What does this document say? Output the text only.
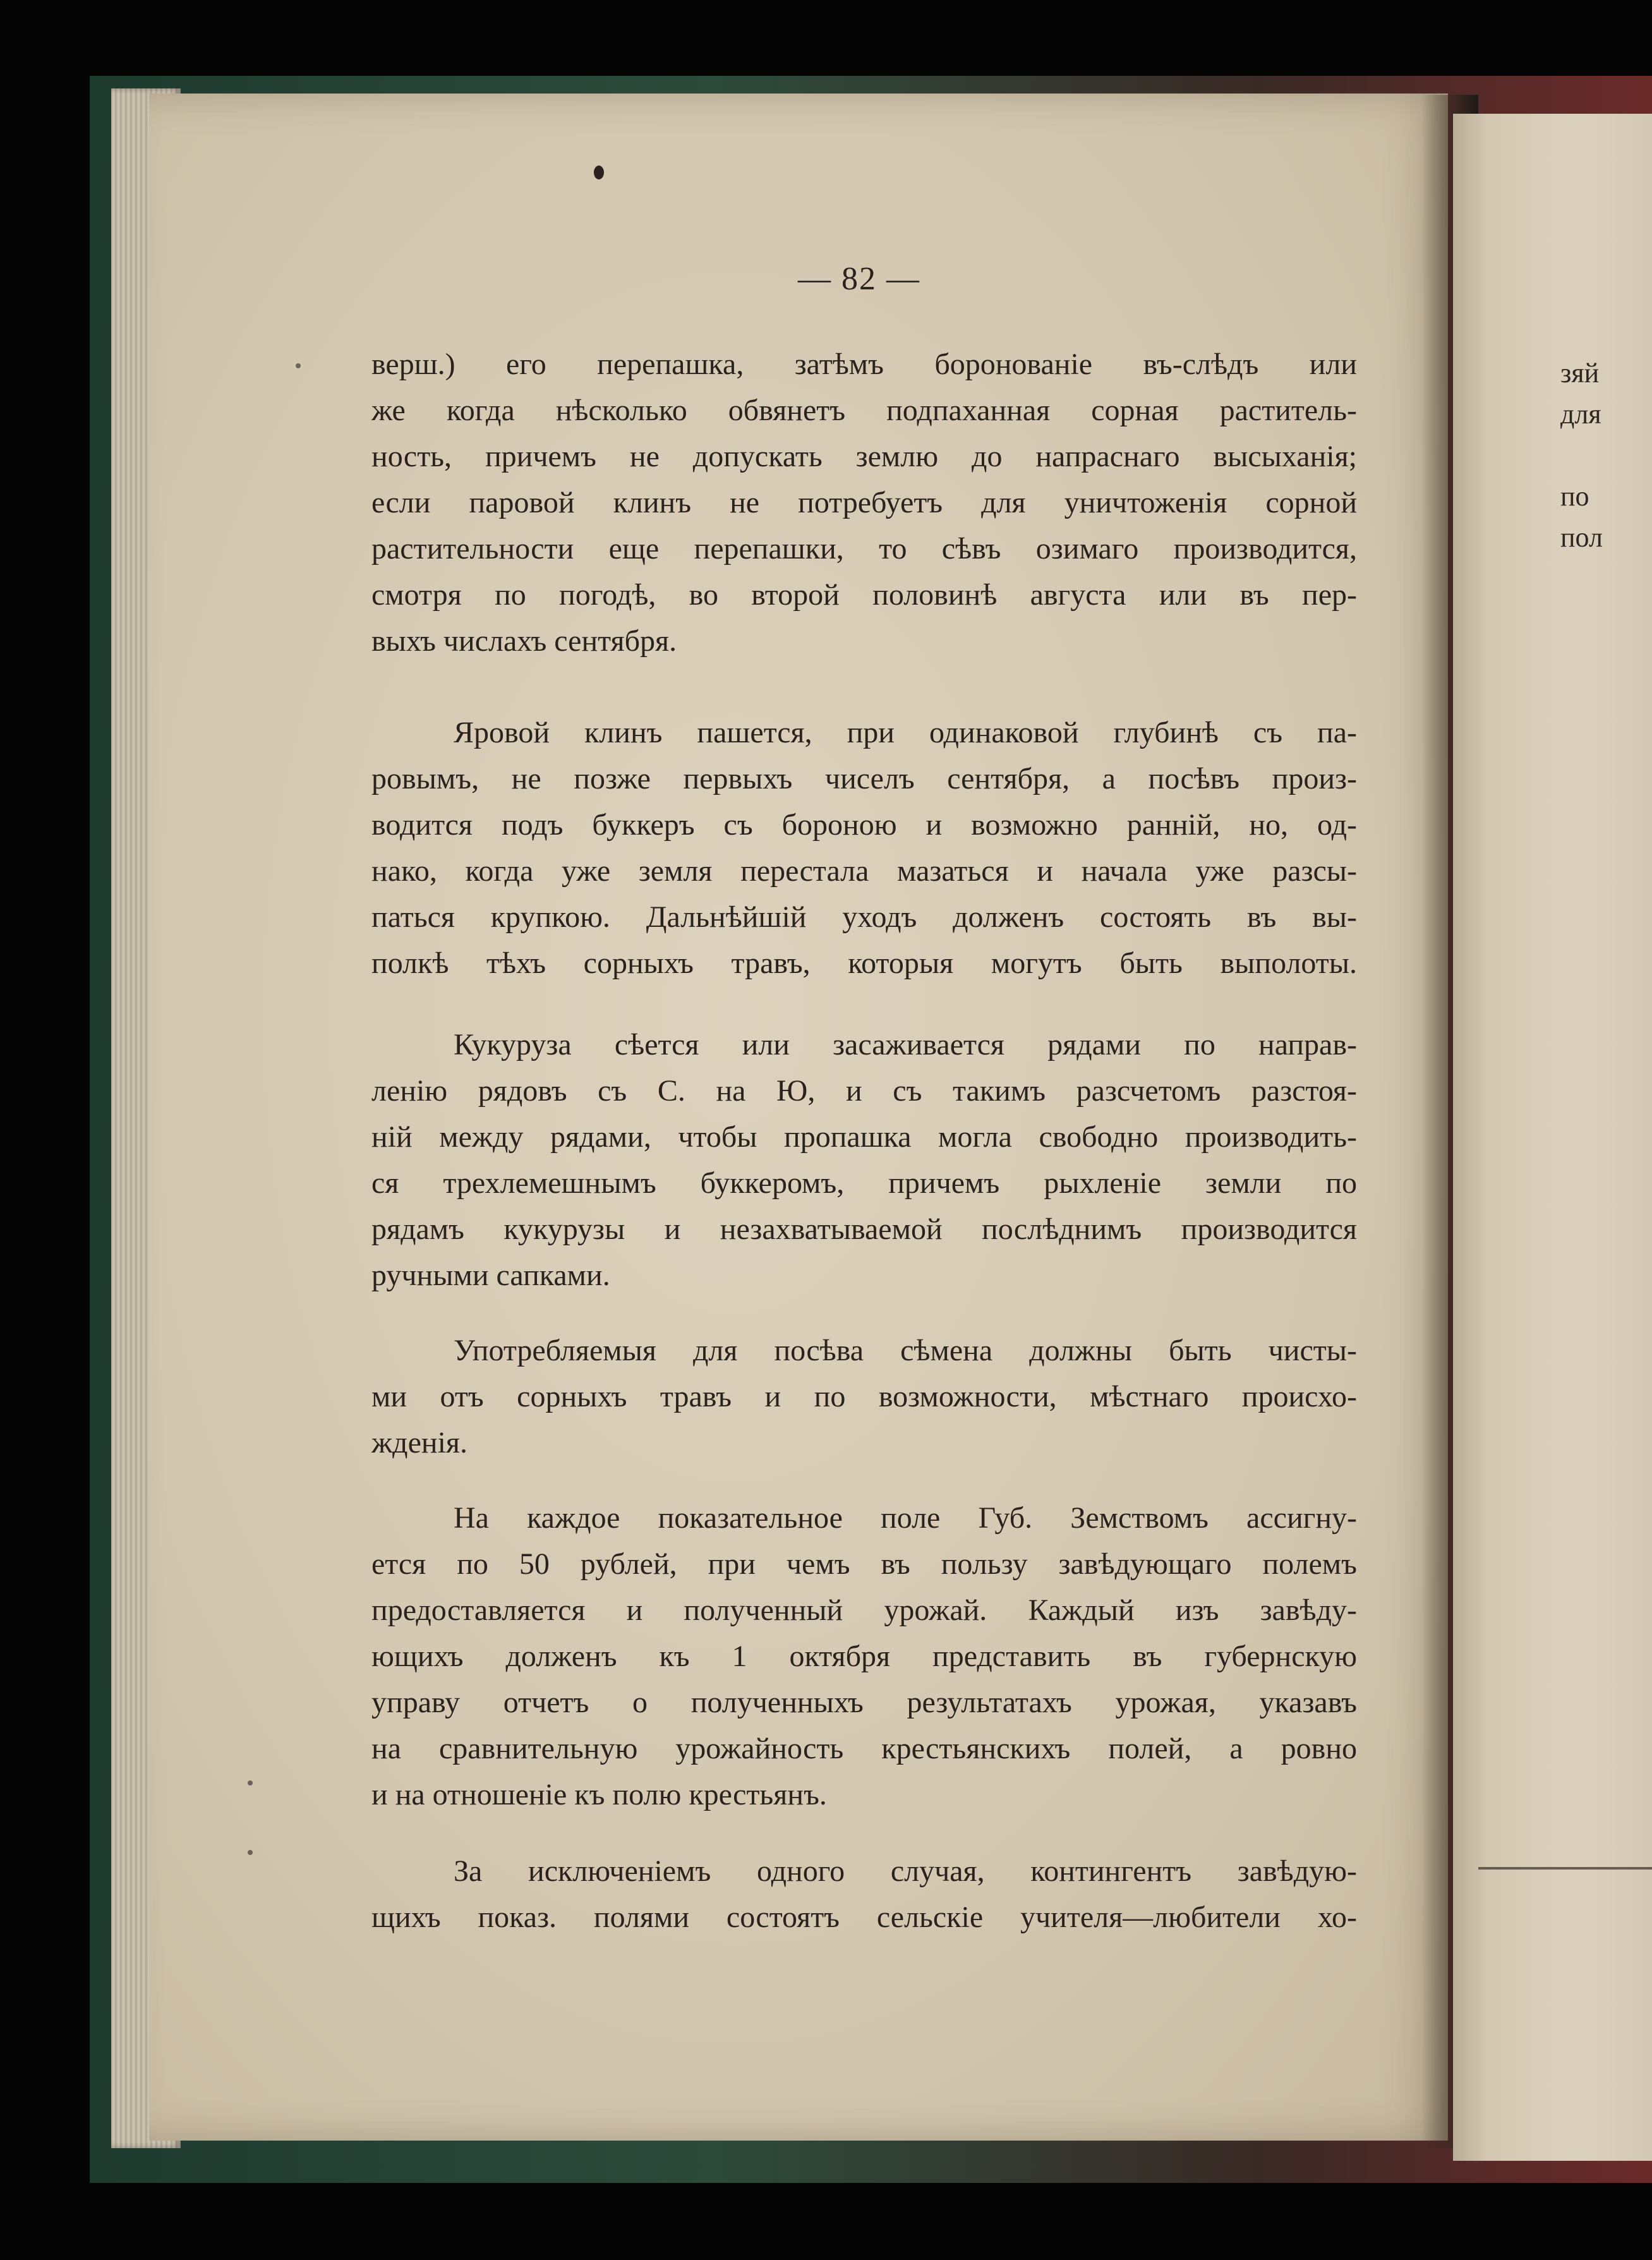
зяй
для
по
пол
— 82 —
верш.) его перепашка, затѣмъ боронованіе въ-слѣдъ или
же когда нѣсколько обвянетъ подпаханная сорная раститель-
ность, причемъ не допускать землю до напраснаго высыханія;
если паровой клинъ не потребуетъ для уничтоженія сорной
растительности еще перепашки, то сѣвъ озимаго производится,
смотря по погодѣ, во второй половинѣ августа или въ пер-
выхъ числахъ сентября.
Яровой клинъ пашется, при одинаковой глубинѣ съ па-
ровымъ, не позже первыхъ чиселъ сентября, а посѣвъ произ-
водится подъ буккеръ съ бороною и возможно ранній, но, од-
нако, когда уже земля перестала мазаться и начала уже разсы-
паться крупкою. Дальнѣйшій уходъ долженъ состоять въ вы-
полкѣ тѣхъ сорныхъ травъ, которыя могутъ быть выполоты.
Кукуруза сѣется или засаживается рядами по направ-
ленію рядовъ съ С. на Ю, и съ такимъ разсчетомъ разстоя-
ній между рядами, чтобы пропашка могла свободно производить-
ся трехлемешнымъ буккеромъ, причемъ рыхленіе земли по
рядамъ кукурузы и незахватываемой послѣднимъ производится
ручными сапками.
Употребляемыя для посѣва сѣмена должны быть чисты-
ми отъ сорныхъ травъ и по возможности, мѣстнаго происхо-
жденія.
На каждое показательное поле Губ. Земствомъ ассигну-
ется по 50 рублей, при чемъ въ пользу завѣдующаго полемъ
предоставляется и полученный урожай. Каждый изъ завѣду-
ющихъ долженъ къ 1 октября представить въ губернскую
управу отчетъ о полученныхъ результатахъ урожая, указавъ
на сравнительную урожайность крестьянскихъ полей, а ровно
и на отношеніе къ полю крестьянъ.
За исключеніемъ одного случая, контингентъ завѣдую-
щихъ показ. полями состоятъ сельскіе учителя—любители хо-
